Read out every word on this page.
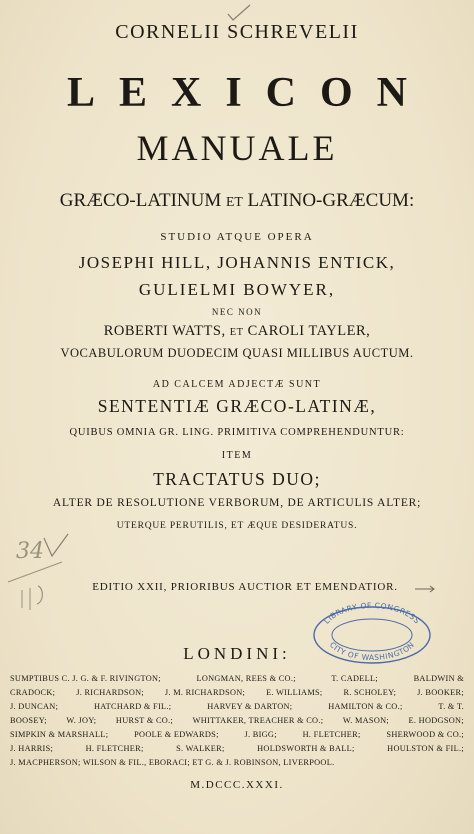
CORNELII SCHREVELII
LEXICON
MANUALE
GRÆCO-LATINUM ET LATINO-GRÆCUM:
STUDIO ATQUE OPERA
JOSEPHI HILL, JOHANNIS ENTICK,
GULIELMI BOWYER,
NEC NON
ROBERTI WATTS, ET CAROLI TAYLER,
VOCABULORUM DUODECIM QUASI MILLIBUS AUCTUM.
AD CALCEM ADJECTÆ SUNT
SENTENTIÆ GRÆCO-LATINÆ,
QUIBUS OMNIA GR. LING. PRIMITIVA COMPREHENDUNTUR:
ITEM
TRACTATUS DUO;
ALTER DE RESOLUTIONE VERBORUM, DE ARTICULIS ALTER;
UTERQUE PERUTILIS, ET ÆQUE DESIDERATUS.
34
EDITIO XXII, PRIORIBUS AUCTIOR ET EMENDATIOR.
LIBRARY OF CONGRESS
CITY OF WASHINGTON
LONDINI:
SUMPTIBUS C. J. G. & F. RIVINGTON;	LONGMAN, REES & CO.;	T. CADELL;	BALDWIN &
CRADOCK;	J. RICHARDSON;	J. M. RICHARDSON;	E. WILLIAMS;	R. SCHOLEY;	J. BOOKER;
J. DUNCAN;	HATCHARD & FIL.;	HARVEY & DARTON;	HAMILTON & CO.;	T. & T.
BOOSEY; W. JOY; HURST & CO.; WHITTAKER, TREACHER & CO.; W. MASON; E. HODGSON;
SIMPKIN & MARSHALL;	POOLE & EDWARDS;	J. BIGG;	H. FLETCHER;	SHERWOOD & CO.;
J. HARRIS;	H. FLETCHER;	S. WALKER;	HOLDSWORTH & BALL;	HOULSTON & FIL.;
J. MACPHERSON; WILSON & FIL., EBORACI; ET G. & J. ROBINSON, LIVERPOOL.
M.DCCC.XXXI.
